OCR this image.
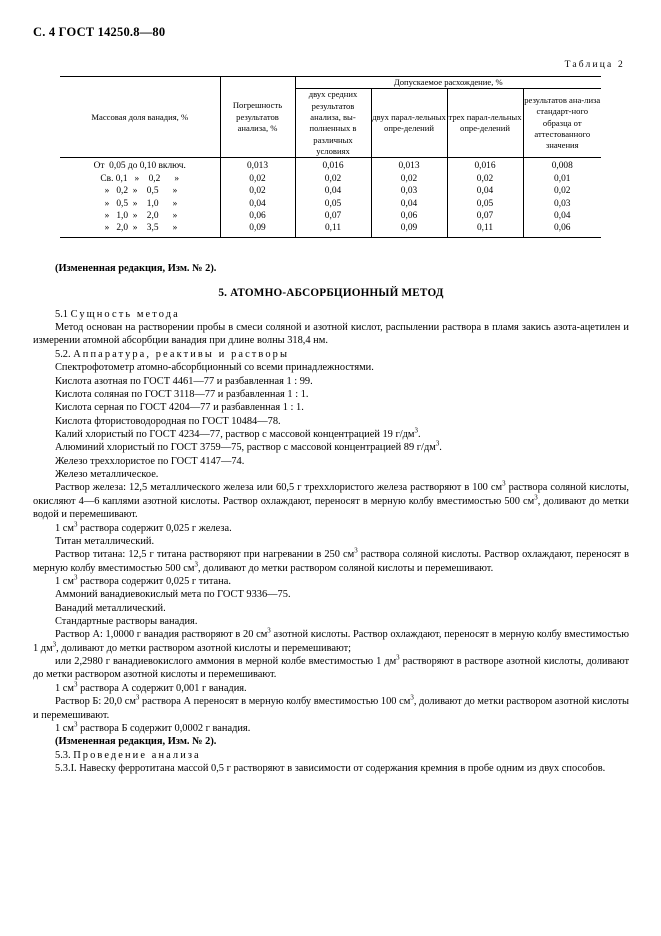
С. 4 ГОСТ 14250.8—80
Таблица 2
Массовая доля ванадия, %	Погрешность результатов анализа, %	Допускаемое расхождение, %			
		двух средних результатов анализа, вы-полненных в различных условиях	двух парал-лельных опре-делений	трех парал-лельных опре-делений	результатов ана-лиза стандарт-ного образца от аттестованного значения
От  0,05 до 0,10 включ.	0,013	0,016	0,013	0,016	0,008
Св. 0,1   »    0,2      »	0,02	0,02	0,02	0,02	0,01
»   0,2  »    0,5      »	0,02	0,04	0,03	0,04	0,02
»   0,5  »    1,0      »	0,04	0,05	0,04	0,05	0,03
»   1,0  »    2,0      »	0,06	0,07	0,06	0,07	0,04
»   2,0  »    3,5      »	0,09	0,11	0,09	0,11	0,06

(Измененная редакция, Изм. № 2).

5. АТОМНО-АБСОРБЦИОННЫЙ МЕТОД

5.1 Сущность метода

Метод основан на растворении пробы в смеси соляной и азотной кислот, распылении раствора в пламя закись азота-ацетилен и измерении атомной абсорбции ванадия при длине волны 318,4 нм.

5.2. Аппаратура, реактивы и растворы

Спектрофотометр атомно-абсорбционный со всеми принадлежностями.

Кислота азотная по ГОСТ 4461—77 и разбавленная 1 : 99.

Кислота соляная по ГОСТ 3118—77 и разбавленная 1 : 1.

Кислота серная по ГОСТ 4204—77 и разбавленная 1 : 1.

Кислота фтористоводородная по ГОСТ 10484—78.

Калий хлористый по ГОСТ 4234—77, раствор с массовой концентрацией 19 $г/дм^3$.

Алюминий хлористый по ГОСТ 3759—75, раствор с массовой концентрацией 89 $г/дм^3$.

Железо треххлористое по ГОСТ 4147—74.

Железо металлическое.

Раствор железа: 12,5 металлического железа или 60,5 г треххлористого железа растворяют в 100 $см^3$ раствора соляной кислоты, окисляют 4—6 каплями азотной кислоты. Раствор охлаждают, переносят в мерную колбу вместимостью 500 $см^3$, доливают до метки водой и перемешивают.

1 $см^3$ раствора содержит 0,025 г железа.

Титан металлический.

Раствор титана: 12,5 г титана растворяют при нагревании в 250 $см^3$ раствора соляной кислоты. Раствор охлаждают, переносят в мерную колбу вместимостью 500 $см^3$, доливают до метки раствором соляной кислоты и перемешивают.

1 $см^3$ раствора содержит 0,025 г титана.

Аммоний ванадиевокислый мета по ГОСТ 9336—75.

Ванадий металлический.

Стандартные растворы ванадия.

Раствор А: 1,0000 г ванадия растворяют в 20 $см^3$ азотной кислоты. Раствор охлаждают, переносят в мерную колбу вместимостью 1 $дм^3$, доливают до метки раствором азотной кислоты и перемешивают;

или 2,2980 г ванадиевокислого аммония в мерной колбе вместимостью 1 $дм^3$ растворяют в растворе азотной кислоты, доливают до метки раствором азотной кислоты и перемешивают.

1 $см^3$ раствора А содержит 0,001 г ванадия.

Раствор Б: 20,0 $см^3$ раствора А переносят в мерную колбу вместимостью 100 $см^3$, доливают до метки раствором азотной кислоты и перемешивают.

1 $см^3$ раствора Б содержит 0,0002 г ванадия.

(Измененная редакция, Изм. № 2).

5.3. Проведение анализа

5.3.I. Навеску ферротитана массой 0,5 г растворяют в зависимости от содержания кремния в пробе одним из двух способов.
